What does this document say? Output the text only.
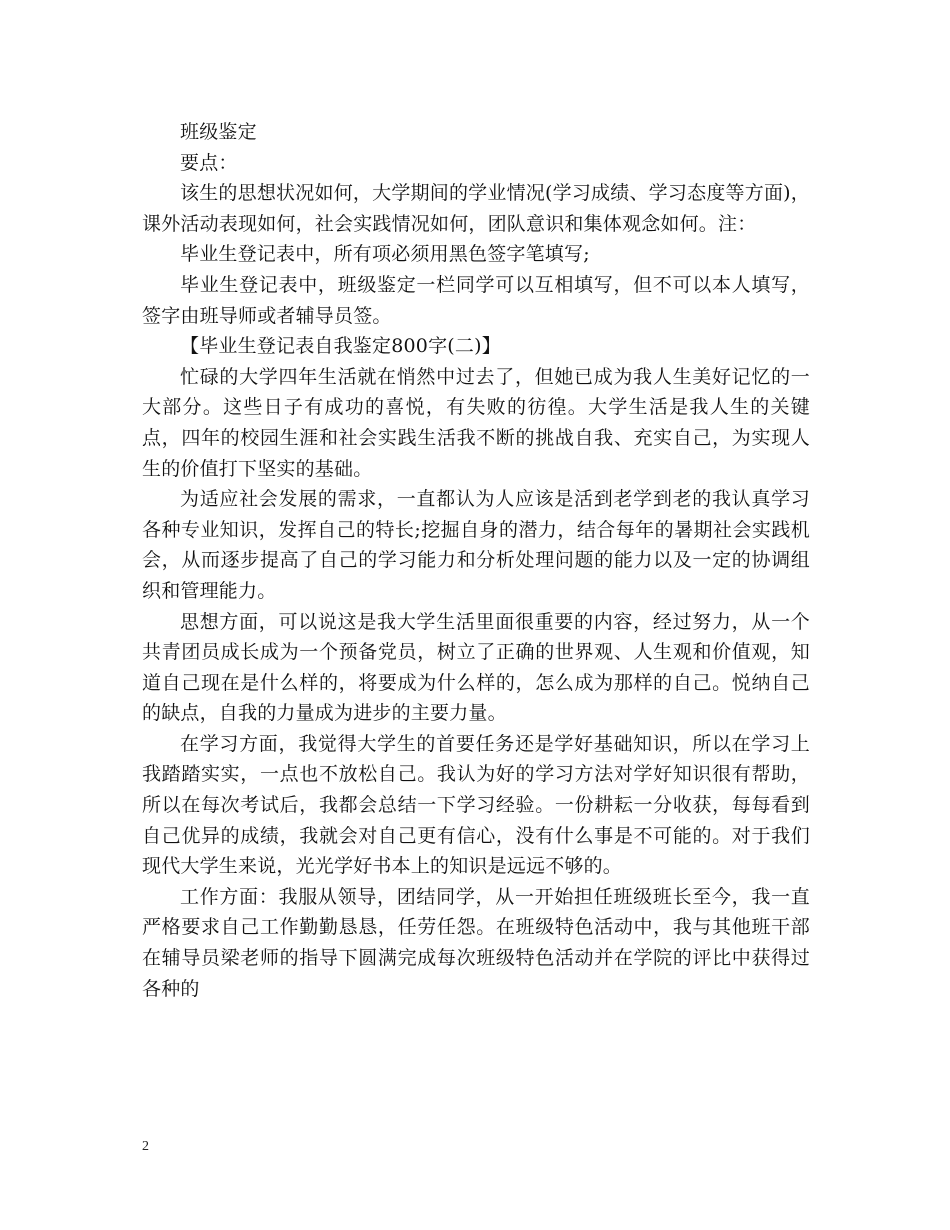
班级鉴定

要点：

该生的思想状况如何，大学期间的学业情况(学习成绩、学习态度等方面)，课外活动表现如何，社会实践情况如何，团队意识和集体观念如何。注：

毕业生登记表中，所有项必须用黑色签字笔填写;

毕业生登记表中，班级鉴定一栏同学可以互相填写，但不可以本人填写，签字由班导师或者辅导员签。

【毕业生登记表自我鉴定800字(二)】

忙碌的大学四年生活就在悄然中过去了，但她已成为我人生美好记忆的一大部分。这些日子有成功的喜悦，有失败的彷徨。大学生活是我人生的关键点，四年的校园生涯和社会实践生活我不断的挑战自我、充实自己，为实现人生的价值打下坚实的基础。

为适应社会发展的需求，一直都认为人应该是活到老学到老的我认真学习各种专业知识，发挥自己的特长;挖掘自身的潜力，结合每年的暑期社会实践机会，从而逐步提高了自己的学习能力和分析处理问题的能力以及一定的协调组织和管理能力。

思想方面，可以说这是我大学生活里面很重要的内容，经过努力，从一个共青团员成长成为一个预备党员，树立了正确的世界观、人生观和价值观，知道自己现在是什么样的，将要成为什么样的，怎么成为那样的自己。悦纳自己的缺点，自我的力量成为进步的主要力量。

在学习方面，我觉得大学生的首要任务还是学好基础知识，所以在学习上我踏踏实实，一点也不放松自己。我认为好的学习方法对学好知识很有帮助，所以在每次考试后，我都会总结一下学习经验。一份耕耘一分收获，每每看到自己优异的成绩，我就会对自己更有信心，没有什么事是不可能的。对于我们现代大学生来说，光光学好书本上的知识是远远不够的。

工作方面：我服从领导，团结同学，从一开始担任班级班长至今，我一直严格要求自己工作勤勤恳恳，任劳任怨。在班级特色活动中，我与其他班干部在辅导员梁老师的指导下圆满完成每次班级特色活动并在学院的评比中获得过各种的

2
